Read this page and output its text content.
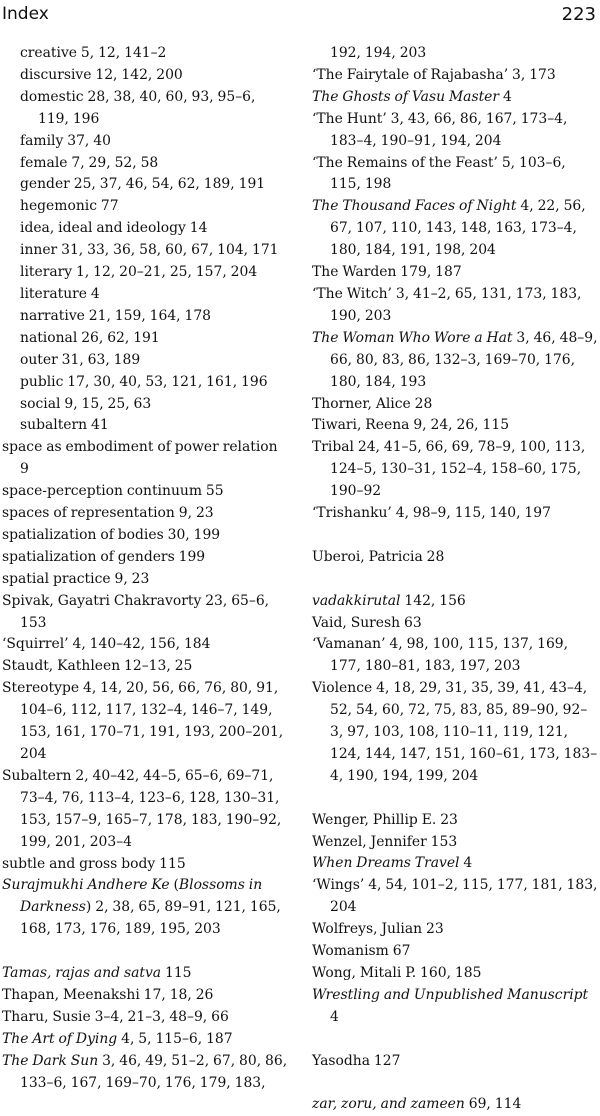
Index	223

creative 5, 12, 141–2

discursive 12, 142, 200

domestic 28, 38, 40, 60, 93, 95–6, 119, 196

family 37, 40

female 7, 29, 52, 58

gender 25, 37, 46, 54, 62, 189, 191

hegemonic 77

idea, ideal and ideology 14

inner 31, 33, 36, 58, 60, 67, 104, 171

literary 1, 12, 20–21, 25, 157, 204

literature 4

narrative 21, 159, 164, 178

national 26, 62, 191

outer 31, 63, 189

public 17, 30, 40, 53, 121, 161, 196

social 9, 15, 25, 63

subaltern 41

space as embodiment of power relation 9

space-perception continuum 55

spaces of representation 9, 23

spatialization of bodies 30, 199

spatialization of genders 199

spatial practice 9, 23

Spivak, Gayatri Chakravorty 23, 65–6, 153

‘Squirrel’ 4, 140–42, 156, 184

Staudt, Kathleen 12–13, 25

Stereotype 4, 14, 20, 56, 66, 76, 80, 91, 104–6, 112, 117, 132–4, 146–7, 149, 153, 161, 170–71, 191, 193, 200–201, 204

Subaltern 2, 40–42, 44–5, 65–6, 69–71, 73–4, 76, 113–4, 123–6, 128, 130–31, 153, 157–9, 165–7, 178, 183, 190–92, 199, 201, 203–4

subtle and gross body 115

Surajmukhi Andhere Ke (Blossoms in Darkness) 2, 38, 65, 89–91, 121, 165, 168, 173, 176, 189, 195, 203

Tamas, rajas and satva 115

Thapan, Meenakshi 17, 18, 26

Tharu, Susie 3–4, 21–3, 48–9, 66

The Art of Dying 4, 5, 115–6, 187

The Dark Sun 3, 46, 49, 51–2, 67, 80, 86, 133–6, 167, 169–70, 176, 179, 183,

192, 194, 203

‘The Fairytale of Rajabasha’ 3, 173

The Ghosts of Vasu Master 4

‘The Hunt’ 3, 43, 66, 86, 167, 173–4, 183–4, 190–91, 194, 204

‘The Remains of the Feast’ 5, 103–6, 115, 198

The Thousand Faces of Night 4, 22, 56, 67, 107, 110, 143, 148, 163, 173–4, 180, 184, 191, 198, 204

The Warden 179, 187

‘The Witch’ 3, 41–2, 65, 131, 173, 183, 190, 203

The Woman Who Wore a Hat 3, 46, 48–9, 66, 80, 83, 86, 132–3, 169–70, 176, 180, 184, 193

Thorner, Alice 28

Tiwari, Reena 9, 24, 26, 115

Tribal 24, 41–5, 66, 69, 78–9, 100, 113, 124–5, 130–31, 152–4, 158–60, 175, 190–92

‘Trishanku’ 4, 98–9, 115, 140, 197

Uberoi, Patricia 28

vadakkirutal 142, 156

Vaid, Suresh 63

‘Vamanan’ 4, 98, 100, 115, 137, 169, 177, 180–81, 183, 197, 203

Violence 4, 18, 29, 31, 35, 39, 41, 43–4, 52, 54, 60, 72, 75, 83, 85, 89–90, 92–3, 97, 103, 108, 110–11, 119, 121, 124, 144, 147, 151, 160–61, 173, 183–4, 190, 194, 199, 204

Wenger, Phillip E. 23

Wenzel, Jennifer 153

When Dreams Travel 4

‘Wings’ 4, 54, 101–2, 115, 177, 181, 183, 204

Wolfreys, Julian 23

Womanism 67

Wong, Mitali P. 160, 185

Wrestling and Unpublished Manuscript 4

Yasodha 127

zar, zoru, and zameen 69, 114
